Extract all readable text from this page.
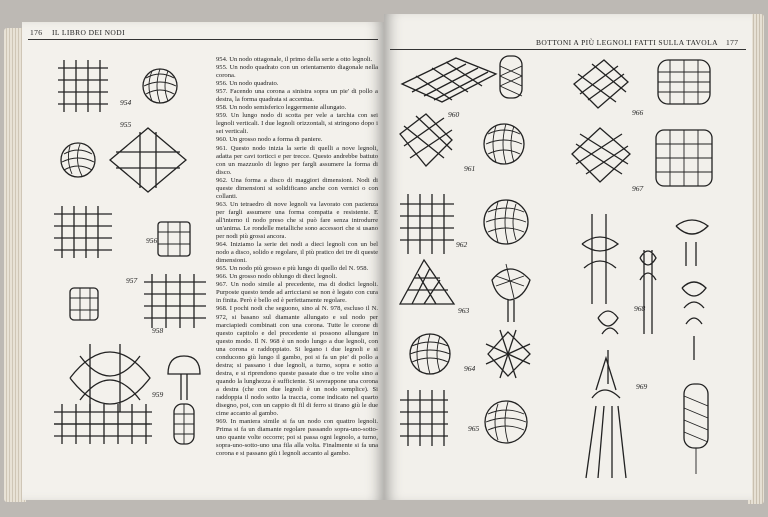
176 IL LIBRO DEI NODI

954. Un nodo ottagonale, il primo della serie a otto legnoli.

955. Un nodo quadrato con un orientamento diagonale nella corona.

956. Un nodo quadrato.

957. Facendo una corona a sinistra sopra un pie' di pollo a destra, la forma quadrata si accentua.

958. Un nodo semisferico leggermente allungato.

959. Un lungo nodo di scotta per vele a tarchia con sei legnoli verticali. I due legnoli orizzontali, si stringono dopo i sei verticali.

960. Un grosso nodo a forma di paniere.

961. Questo nodo inizia la serie di quelli a nove legnoli, adatta per cavi torticci e per trecce. Questo andrebbe battuto con un mazzuolo di legno per fargli assumere la forma di disco.

962. Una forma a disco di maggiori dimensioni. Nodi di queste dimensioni si solidificano anche con vernici o con collanti.

963. Un tetraedro di nove legnoli va lavorato con pazienza per fargli assumere una forma compatta e resistente. E all'interno il nodo preso che si può fare senza introdurre un'anima. Le rondelle metalliche sono accessori che si usano per nodi più grossi ancora.

964. Iniziamo la serie dei nodi a dieci legnoli con un bel nodo a disco, solido e regolare, il più pratico dei tre di queste dimensioni.

965. Un nodo più grosso e più lungo di quello del N. 958.

966. Un grosso nodo oblungo di dieci legnoli.

967. Un nodo simile al precedente, ma di dodici legnoli. Purposte questo tende ad arricciarsi se non è legato con cura in finita. Però è bello ed è perfettamente regolare.

968. I pochi nodi che seguono, sino al N. 978, escluso il N. 972, si basano sul diamante allungato e sul nodo per marciapiedi combinati con una corona. Tutte le corone di questo capitolo e del precedente si possono allungare in questo modo. Il N. 968 è un nodo lungo a due legnoli, con una corona e raddoppiato. Si legano i due legnoli e si conducono giù lungo il gambo, poi si fa un pie' di pollo a destra; si passano i due legnoli, a turno, sopra e sotto a destra, e si riprendono queste passate due o tre volte sino a quando la lunghezza è sufficiente. Si sovrappone una corona a destra (che con due legnoli è un nodo semplice). Si raddoppia il nodo sotto la traccia, come indicato nel quarto disegno, poi, con un cappio di fil di ferro si tirano giù le due cime accanto al gambo.

969. In maniera simile si fa un nodo con quattro legnoli. Prima si fa un diamante regolare passando sopra-uno-sotto-uno quante volte occorre; poi si passa ogni legnolo, a turno, sopra-uno-sotto-uno una fila alla volta. Finalmente si fa una corona e si passano giù i legnoli accanto al gambo.

954
955
956
957
958
959
BOTTONI A PIÙ LEGNOLI FATTI SULLA TAVOLA 177
960
961
962
963
964
965
966
967
968
969
